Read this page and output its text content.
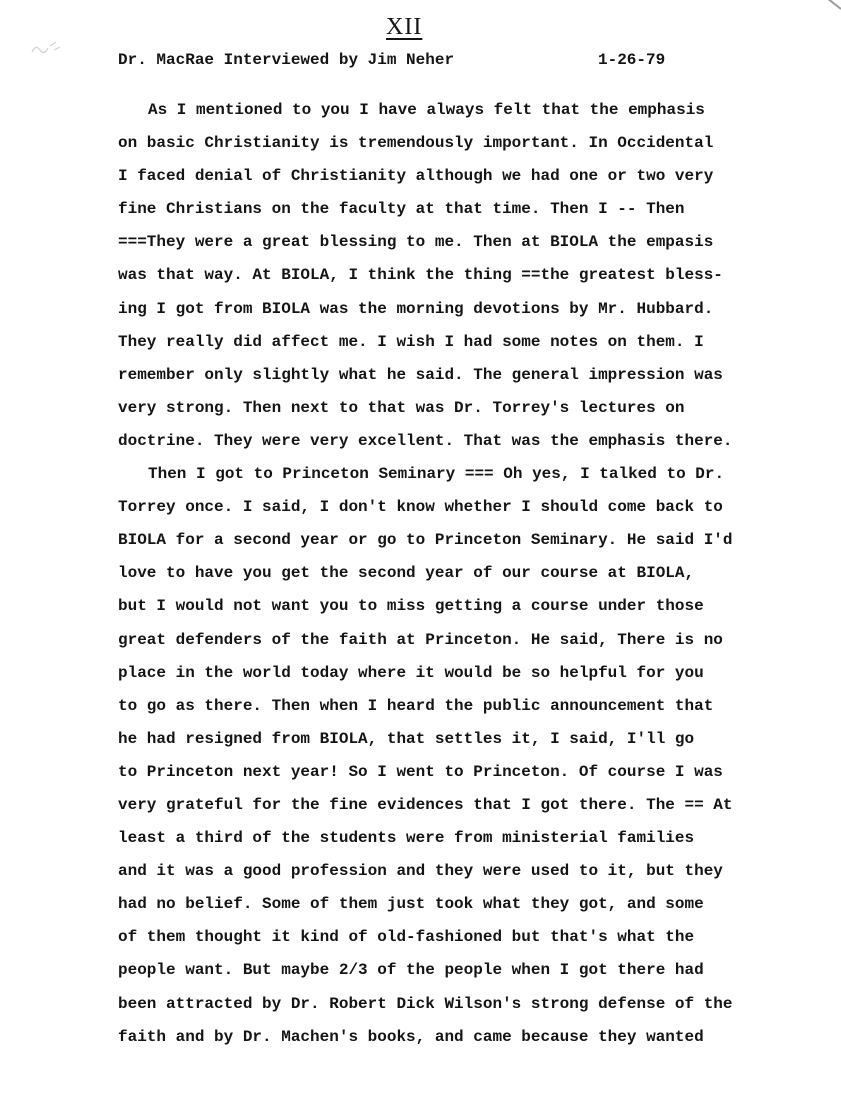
XII

Dr. MacRae Interviewed by Jim Neher

	1-26-79

As I mentioned to you I have always felt that the emphasis
on basic Christianity is tremendously important. In Occidental
I faced denial of Christianity although we had one or two very
fine Christians on the faculty at that time. Then I -- Then
===They were a great blessing to me. Then at BIOLA the empasis
was that way. At BIOLA, I think the thing ==the greatest bless-
ing I got from BIOLA was the morning devotions by Mr. Hubbard.
They really did affect me. I wish I had some notes on them. I
remember only slightly what he said. The general impression was
very strong. Then next to that was Dr. Torrey's lectures on
doctrine. They were very excellent. That was the emphasis there.
Then I got to Princeton Seminary === Oh yes, I talked to Dr.
Torrey once. I said, I don't know whether I should come back to
BIOLA for a second year or go to Princeton Seminary. He said I'd
love to have you get the second year of our course at BIOLA,
but I would not want you to miss getting a course under those
great defenders of the faith at Princeton. He said, There is no
place in the world today where it would be so helpful for you
to go as there. Then when I heard the public announcement that
he had resigned from BIOLA, that settles it, I said, I'll go
to Princeton next year! So I went to Princeton. Of course I was
very grateful for the fine evidences that I got there. The == At
least a third of the students were from ministerial families
and it was a good profession and they were used to it, but they
had no belief. Some of them just took what they got, and some
of them thought it kind of old-fashioned but that's what the
people want. But maybe 2/3 of the people when I got there had
been attracted by Dr. Robert Dick Wilson's strong defense of the
faith and by Dr. Machen's books, and came because they wanted
